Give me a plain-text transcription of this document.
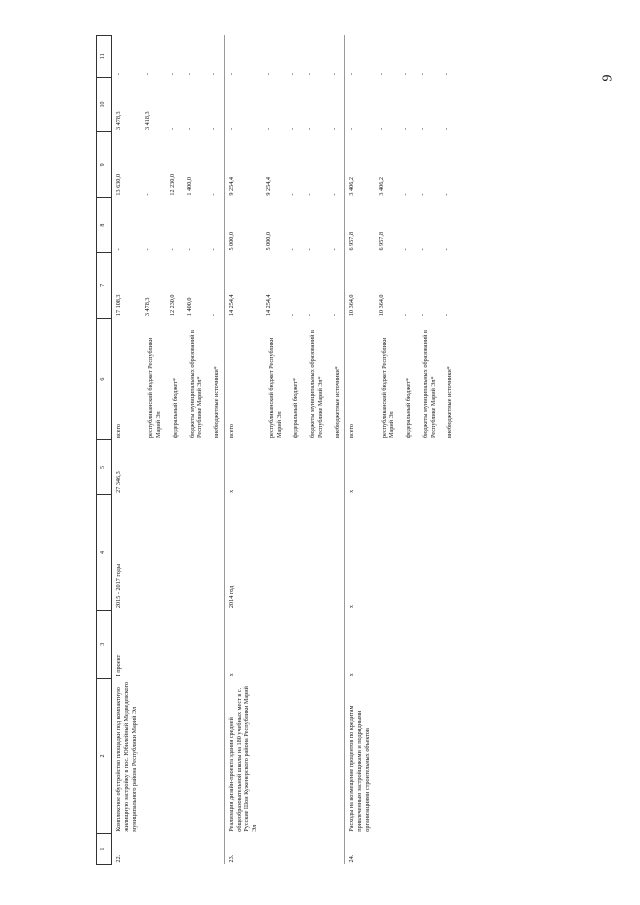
9
1	2	3	4	5	6	7	8	9	10	11
22.	Комплексное обустройство площадки под компактную жилищную застройку в пос. Юбилейный Медведевского муниципального района Республики Марий Эл	I проект	2015 - 2017 годы	27 346,3	всего	17 108,3	-	13 630,0	3 478,3	-
					республиканский бюджет Республики Марий Эл	3 478,3	-	-	3 418,3	-
					федеральный бюджет*	12 230,0	-	12 230,0	-	-
					бюджеты муниципальных образований в Республике Марий Эл*	1 400,0	-	1 400,0	-	-
					внебюджетные источники*	-	-	-	-	-
23.	Реализация дизайн-проекта здания средней общеобразовательной школы на 180 учебных мест в с. Русские Шои Куженерского района Республики Марий Эл	x	2014 год	x	всего	14 254,4	5 000,0	9 254,4	-	-
					республиканский бюджет Республики Марий Эл	14 254,4	5 000,0	9 254,4	-	-
					федеральный бюджет*	-	-	-	-	-
					бюджеты муниципальных образований в Республике Марий Эл*	-	-	-	-	-
					внебюджетные источники*	-	-	-	-	-
24.	Расходы на возмещение процентов по кредитам привлеченным застройщиками и подрядными организациями строительных объектов	x	x	x	всего	10 364,0	6 957,8	3 406,2	-	-
					республиканский бюджет Республики Марий Эл	10 364,0	6 957,8	3 406,2	-	-
					федеральный бюджет*	-	-	-	-	-
					бюджеты муниципальных образований в Республике Марий Эл*	-	-	-	-	-
					внебюджетные источники*	-	-	-	-	-
